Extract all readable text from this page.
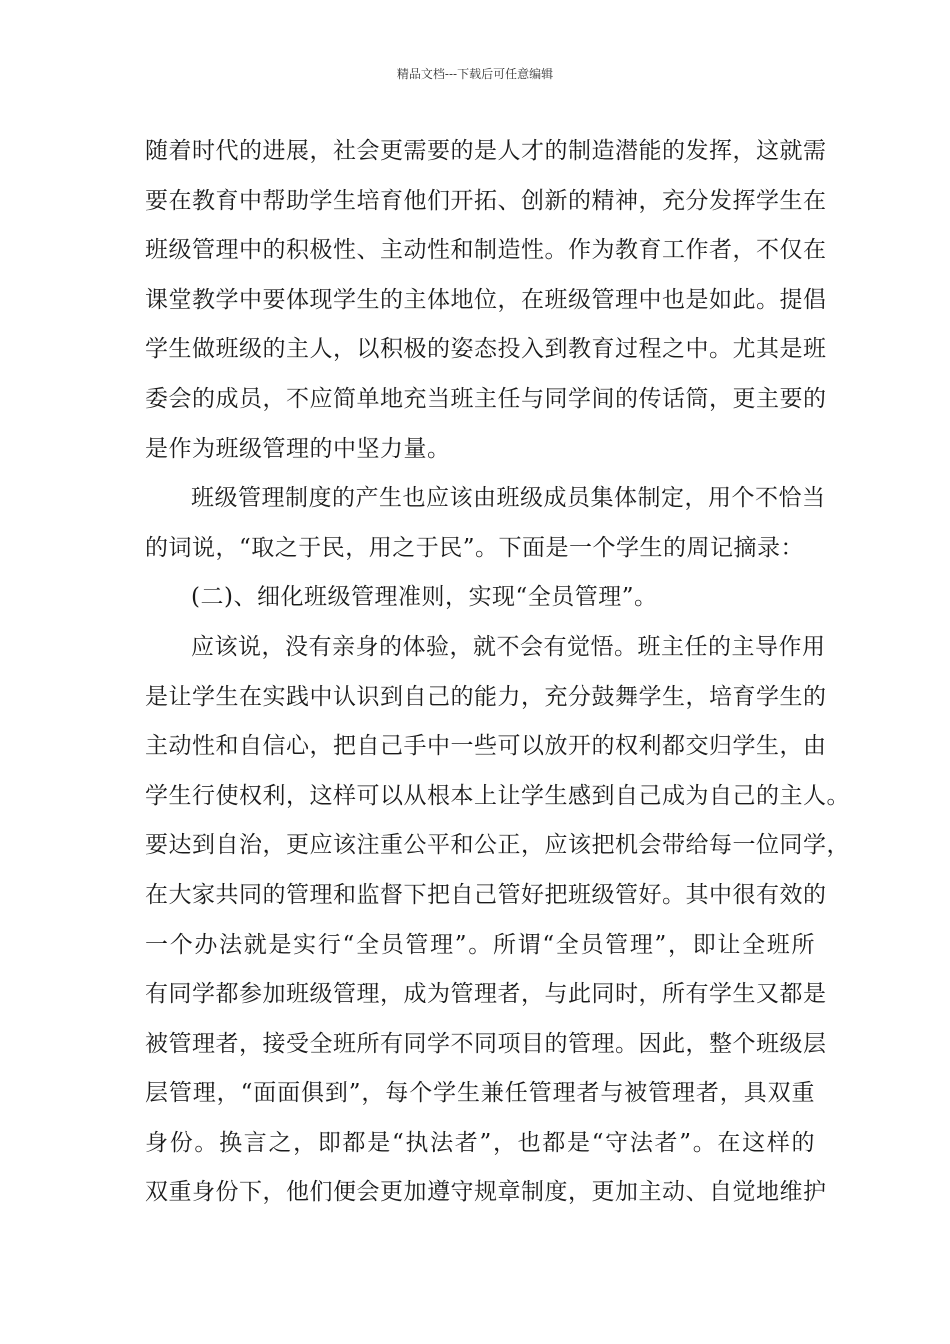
精品文档---下载后可任意编辑
随着时代的进展，社会更需要的是人才的制造潜能的发挥，这就需
要在教育中帮助学生培育他们开拓、创新的精神，充分发挥学生在
班级管理中的积极性、主动性和制造性。作为教育工作者，不仅在
课堂教学中要体现学生的主体地位，在班级管理中也是如此。提倡
学生做班级的主人，以积极的姿态投入到教育过程之中。尤其是班
委会的成员，不应简单地充当班主任与同学间的传话筒，更主要的
是作为班级管理的中坚力量。
班级管理制度的产生也应该由班级成员集体制定，用个不恰当
的词说，“取之于民，用之于民”。下面是一个学生的周记摘录：
(二)、细化班级管理准则，实现“全员管理”。
应该说，没有亲身的体验，就不会有觉悟。班主任的主导作用
是让学生在实践中认识到自己的能力，充分鼓舞学生，培育学生的
主动性和自信心，把自己手中一些可以放开的权利都交归学生，由
学生行使权利，这样可以从根本上让学生感到自己成为自己的主人。
要达到自治，更应该注重公平和公正，应该把机会带给每一位同学，
在大家共同的管理和监督下把自己管好把班级管好。其中很有效的
一个办法就是实行“全员管理”。所谓“全员管理”，即让全班所
有同学都参加班级管理，成为管理者，与此同时，所有学生又都是
被管理者，接受全班所有同学不同项目的管理。因此，整个班级层
层管理，“面面俱到”，每个学生兼任管理者与被管理者，具双重
身份。换言之，即都是“执法者”，也都是“守法者”。在这样的
双重身份下，他们便会更加遵守规章制度，更加主动、自觉地维护
